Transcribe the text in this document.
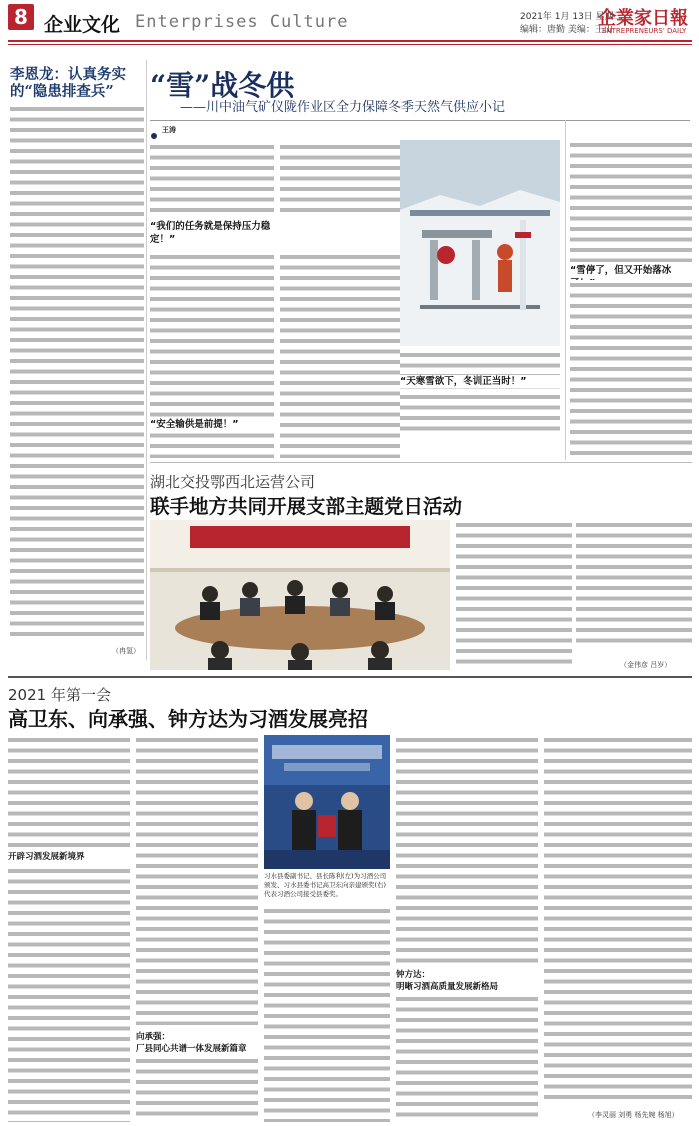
8 企业文化 Enterprises Culture	2021年 1月 13日 星期三
编辑：唐勤 美编：王山
企業家日報
ENTREPRENEURS' DAILY
李恩龙：认真务实的“隐患排查兵”
（冉氢）
“雪”战冬供
——川中油气矿仪陇作业区全力保障冬季天然气供应小记
王涛
“我们的任务就是保持压力稳定！”
“安全输供是前提！”
“天寒雪欲下，冬训正当时！”
“雪停了，但又开始落冰
湖北交投鄂西北运营公司
联手地方共同开展支部主题党日活动
（金伟彦 吕岁）
2021 年第一会
高卫东、向承强、钟方达为习酒发展亮招
开辟习酒发展新境界
向承强：
厂县同心共谱一体发展新篇章
习水县委副书记、县长陈利(左)为习酒公司颁发、习水县委书记高卫东向亲建颁奖(右)代表习酒公司接受县委奖。
钟方达：
明晰习酒高质量发展新格局
（李灵丽 刘勇 杨先婉 杨旭）
